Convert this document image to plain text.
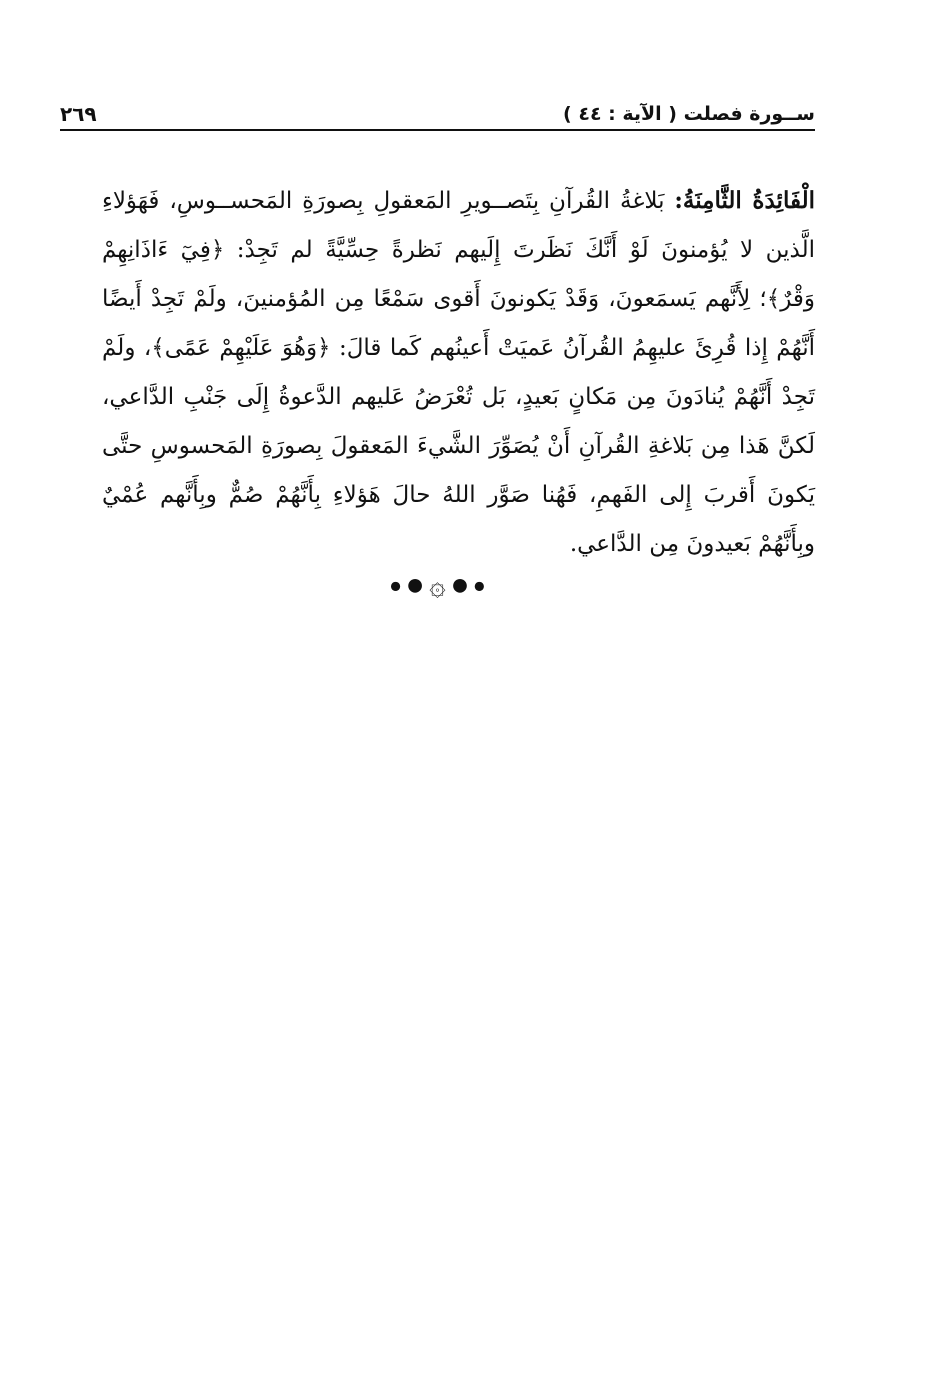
ســورة فصلت ( الآية : ٤٤ )
٢٦٩

الْفَائِدَةُ الثَّامِنَةُ: بَلاغةُ القُرآنِ بِتَصــويرِ المَعقولِ بِصورَةِ المَحســوسِ، فَهَؤلاءِ الَّذين لا يُؤمنونَ لَوْ أَنَّكَ نَظَرتَ إِلَيهم نَظرةً حِسِّيَّةً لم تَجِدْ: ﴿فِيٓ ءَاذَانِهِمْ وَقْرٌ﴾؛ لِأَنَّهم يَسمَعونَ، وَقَدْ يَكونونَ أَقوى سَمْعًا مِن المُؤمنينَ، ولَمْ تَجِدْ أَيضًا أَنَّهُمْ إِذا قُرِئَ عليهِمُ القُرآنُ عَميَتْ أَعينُهم كَما قالَ: ﴿وَهُوَ عَلَيْهِمْ عَمًى﴾، ولَمْ تَجِدْ أَنَّهُمْ يُنادَونَ مِن مَكانٍ بَعيدٍ، بَل تُعْرَضُ عَليهم الدَّعوةُ إِلَى جَنْبِ الدَّاعي، لَكنَّ هَذا مِن بَلاغةِ القُرآنِ أَنْ يُصَوِّرَ الشَّيءَ المَعقولَ بِصورَةِ المَحسوسِ حتَّى يَكونَ أَقربَ إِلى الفَهمِ، فَهُنا صَوَّر اللهُ حالَ هَؤلاءِ بِأَنَّهُمْ صُمٌّ وبِأَنَّهم عُمْيٌ وبِأَنَّهُمْ بَعيدونَ مِن الدَّاعي.

● ● ۞ ● ●
